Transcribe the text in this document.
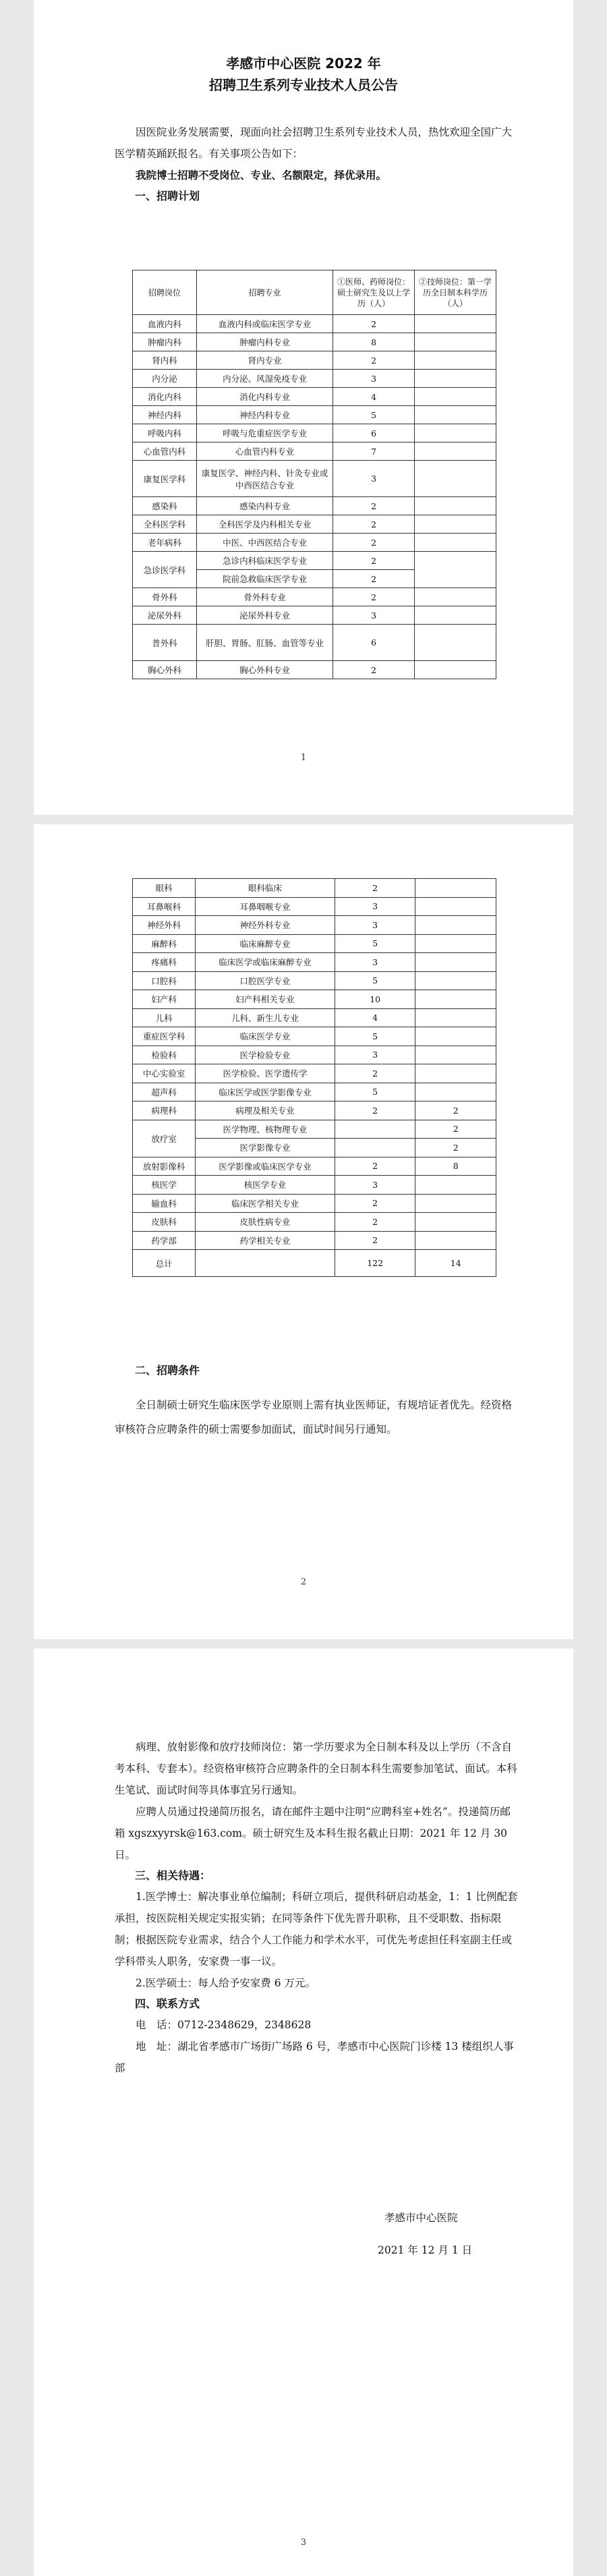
孝感市中心医院 2022 年
招聘卫生系列专业技术人员公告

因医院业务发展需要，现面向社会招聘卫生系列专业技术人员，热忱欢迎全国广大医学精英踊跃报名。有关事项公告如下：

我院博士招聘不受岗位、专业、名额限定，择优录用。

一、招聘计划
招聘岗位	招聘专业	①医师、药师岗位：硕士研究生及以上学历（人）	②技师岗位：第一学历全日制本科学历（人）
血液内科	血液内科或临床医学专业	2	
肿瘤内科	肿瘤内科专业	8	
肾内科	肾内专业	2	
内分泌	内分泌、风湿免疫专业	3	
消化内科	消化内科专业	4	
神经内科	神经内科专业	5	
呼吸内科	呼吸与危重症医学专业	6	
心血管内科	心血管内科专业	7	
康复医学科	康复医学、神经内科、针灸专业或中西医结合专业	3	
感染科	感染内科专业	2	
全科医学科	全科医学及内科相关专业	2	
老年病科	中医、中西医结合专业	2	
急诊医学科	急诊内科临床医学专业	2	
	院前急救临床医学专业	2	
骨外科	骨外科专业	2	
泌尿外科	泌尿外科专业	3	
普外科	肝胆、胃肠、肛肠、血管等专业	6	
胸心外科	胸心外科专业	2	
1
眼科	眼科临床	2	
耳鼻喉科	耳鼻咽喉专业	3	
神经外科	神经外科专业	3	
麻醉科	临床麻醉专业	5	
疼痛科	临床医学或临床麻醉专业	3	
口腔科	口腔医学专业	5	
妇产科	妇产科相关专业	10	
儿科	儿科、新生儿专业	4	
重症医学科	临床医学专业	5	
检验科	医学检验专业	3	
中心实验室	医学检验、医学遗传学	2	
超声科	临床医学或医学影像专业	5	
病理科	病理及相关专业	2	2
放疗室	医学物理、核物理专业		2
	医学影像专业		2
放射影像科	医学影像或临床医学专业	2	8
核医学	核医学专业	3	
输血科	临床医学相关专业	2	
皮肤科	皮肤性病专业	2	
药学部	药学相关专业	2	
总计		122	14
二、招聘条件

全日制硕士研究生临床医学专业原则上需有执业医师证，有规培证者优先。经资格审核符合应聘条件的硕士需要参加面试，面试时间另行通知。

2

病理、放射影像和放疗技师岗位：第一学历要求为全日制本科及以上学历（不含自考本科、专套本）。经资格审核符合应聘条件的全日制本科生需要参加笔试、面试。本科生笔试、面试时间等具体事宜另行通知。

应聘人员通过投递简历报名，请在邮件主题中注明“应聘科室+姓名”。投递简历邮箱 xgszxyyrsk@163.com。硕士研究生及本科生报名截止日期：2021 年 12 月 30 日。

三、相关待遇：

1.医学博士：解决事业单位编制；科研立项后，提供科研启动基金，1：1 比例配套承担，按医院相关规定实报实销；在同等条件下优先晋升职称，且不受职数、指标限制；根据医院专业需求，结合个人工作能力和学术水平，可优先考虑担任科室副主任或学科带头人职务，安家费一事一议。

2.医学硕士：每人给予安家费 6 万元。

四、联系方式

电　话：0712-2348629，2348628

地　址：湖北省孝感市广场街广场路 6 号，孝感市中心医院门诊楼 13 楼组织人事部

孝感市中心医院
2021 年 12 月 1 日
3
